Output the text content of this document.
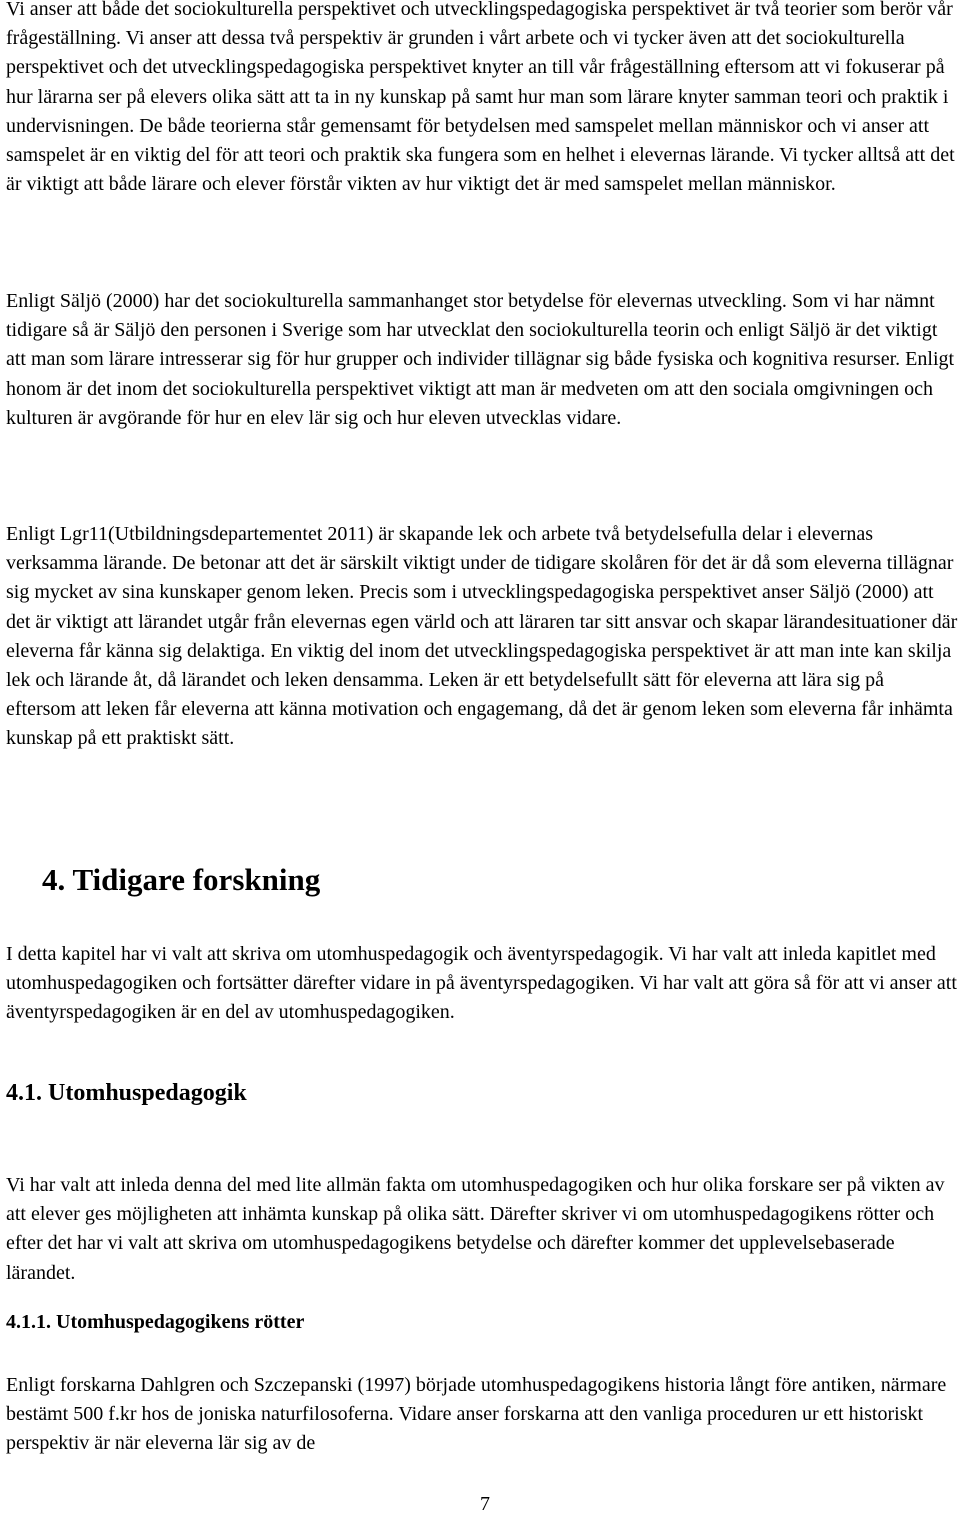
Vi anser att både det sociokulturella perspektivet och utvecklingspedagogiska perspektivet är två teorier som berör vår frågeställning. Vi anser att dessa två perspektiv är grunden i vårt arbete och vi tycker även att det sociokulturella perspektivet och det utvecklingspedagogiska perspektivet knyter an till vår frågeställning eftersom att vi fokuserar på hur lärarna ser på elevers olika sätt att ta in ny kunskap på samt hur man som lärare knyter samman teori och praktik i undervisningen. De både teorierna står gemensamt för betydelsen med samspelet mellan människor och vi anser att samspelet är en viktig del för att teori och praktik ska fungera som en helhet i elevernas lärande. Vi tycker alltså att det är viktigt att både lärare och elever förstår vikten av hur viktigt det är med samspelet mellan människor.

Enligt Säljö (2000) har det sociokulturella sammanhanget stor betydelse för elevernas utveckling. Som vi har nämnt tidigare så är Säljö den personen i Sverige som har utvecklat den sociokulturella teorin och enligt Säljö är det viktigt att man som lärare intresserar sig för hur grupper och individer tillägnar sig både fysiska och kognitiva resurser. Enligt honom är det inom det sociokulturella perspektivet viktigt att man är medveten om att den sociala omgivningen och kulturen är avgörande för hur en elev lär sig och hur eleven utvecklas vidare.

Enligt Lgr11(Utbildningsdepartementet 2011) är skapande lek och arbete två betydelsefulla delar i elevernas verksamma lärande. De betonar att det är särskilt viktigt under de tidigare skolåren för det är då som eleverna tillägnar sig mycket av sina kunskaper genom leken. Precis som i utvecklingspedagogiska perspektivet anser Säljö (2000) att det är viktigt att lärandet utgår från elevernas egen värld och att läraren tar sitt ansvar och skapar lärandesituationer där eleverna får känna sig delaktiga. En viktig del inom det utvecklingspedagogiska perspektivet är att man inte kan skilja lek och lärande åt, då lärandet och leken densamma. Leken är ett betydelsefullt sätt för eleverna att lära sig på eftersom att leken får eleverna att känna motivation och engagemang, då det är genom leken som eleverna får inhämta kunskap på ett praktiskt sätt.

4. Tidigare forskning

I detta kapitel har vi valt att skriva om utomhuspedagogik och äventyrspedagogik. Vi har valt att inleda kapitlet med utomhuspedagogiken och fortsätter därefter vidare in på äventyrspedagogiken. Vi har valt att göra så för att vi anser att äventyrspedagogiken är en del av utomhuspedagogiken.

4.1. Utomhuspedagogik

Vi har valt att inleda denna del med lite allmän fakta om utomhuspedagogiken och hur olika forskare ser på vikten av att elever ges möjligheten att inhämta kunskap på olika sätt. Därefter skriver vi om utomhuspedagogikens rötter och efter det har vi valt att skriva om utomhuspedagogikens betydelse och därefter kommer det upplevelsebaserade lärandet.

4.1.1. Utomhuspedagogikens rötter

Enligt forskarna Dahlgren och Szczepanski (1997) började utomhuspedagogikens historia långt före antiken, närmare bestämt 500 f.kr hos de joniska naturfilosoferna. Vidare anser forskarna att den vanliga proceduren ur ett historiskt perspektiv är när eleverna lär sig av de

7
